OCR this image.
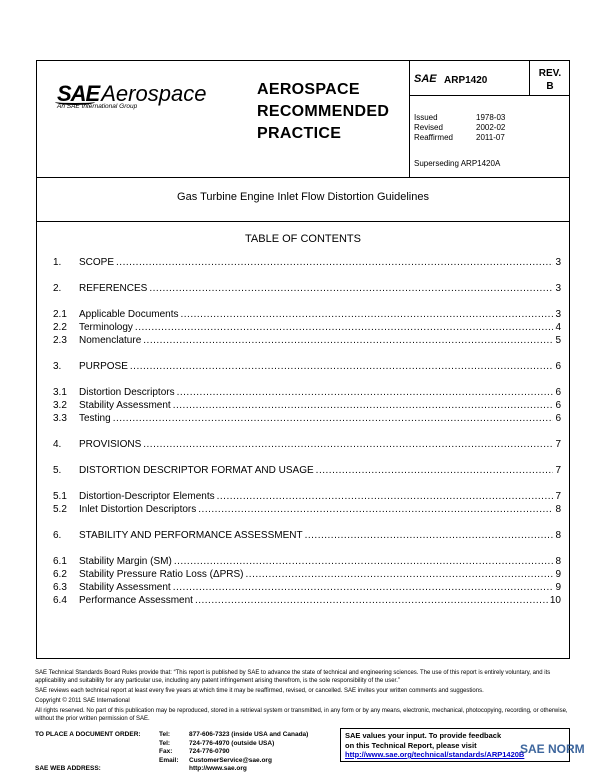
SAEAerospace
An SAE International Group
AEROSPACE
RECOMMENDED
PRACTICE
SAE ARP1420
Issued	1978-03
Revised	2002-02
Reaffirmed	2011-07
Superseding ARP1420A
REV.
B
Gas Turbine Engine Inlet Flow Distortion Guidelines
TABLE OF CONTENTS
1.	SCOPE .....	3
2.	REFERENCES .....	3
2.1	Applicable Documents .....	3
2.2	Terminology .....	4
2.3	Nomenclature .....	5
3.	PURPOSE .....	6
3.1	Distortion Descriptors .....	6
3.2	Stability Assessment .....	6
3.3	Testing .....	6
4.	PROVISIONS .....	7
5.	DISTORTION DESCRIPTOR FORMAT AND USAGE .....	7
5.1	Distortion-Descriptor Elements .....	7
5.2	Inlet Distortion Descriptors .....	8
6.	STABILITY AND PERFORMANCE ASSESSMENT .....	8
6.1	Stability Margin (SM) .....	8
6.2	Stability Pressure Ratio Loss (ΔPRS) .....	9
6.3	Stability Assessment .....	9
6.4	Performance Assessment .....	10

SAE Technical Standards Board Rules provide that: “This report is published by SAE to advance the state of technical and engineering sciences. The use of this report is entirely voluntary, and its applicability and suitability for any particular use, including any patent infringement arising therefrom, is the sole responsibility of the user.”

SAE reviews each technical report at least every five years at which time it may be reaffirmed, revised, or cancelled. SAE invites your written comments and suggestions.

Copyright © 2011 SAE International

All rights reserved. No part of this publication may be reproduced, stored in a retrieval system or transmitted, in any form or by any means, electronic, mechanical, photocopying, recording, or otherwise, without the prior written permission of SAE.

TO PLACE A DOCUMENT ORDER:	Tel:	877-606-7323 (inside USA and Canada)
Tel:	724-776-4970 (outside USA)
Fax:	724-776-0790
Email:	CustomerService@sae.org
SAE WEB ADDRESS:	http://www.sae.org
SAE values your input. To provide feedback
on this Technical Report, please visit
http://www.sae.org/technical/standards/ARP1420B
SAE NORM
